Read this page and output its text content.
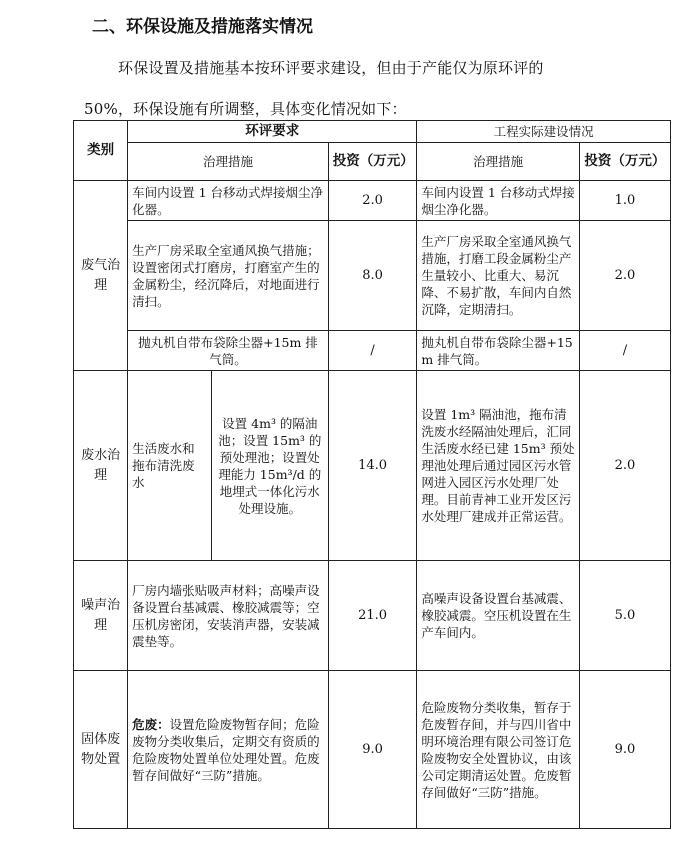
二、环保设施及措施落实情况
环保设置及措施基本按环评要求建设，但由于产能仅为原环评的
50%，环保设施有所调整，具体变化情况如下：
类别	环评要求			工程实际建设情况	
	治理措施		投资（万元）	治理措施	投资（万元）
废气治理	车间内设置 1 台移动式焊接烟尘净化器。		2.0	车间内设置 1 台移动式焊接烟尘净化器。	1.0
	生产厂房采取全室通风换气措施；设置密闭式打磨房，打磨室产生的金属粉尘，经沉降后，对地面进行清扫。		8.0	生产厂房采取全室通风换气措施，打磨工段金属粉尘产生量较小、比重大、易沉降、不易扩散，车间内自然沉降，定期清扫。	2.0
	抛丸机自带布袋除尘器+15m 排气筒。		/	抛丸机自带布袋除尘器+15m 排气筒。	/
废水治理	生活废水和拖布清洗废水	设置 4m³ 的隔油池；设置 15m³ 的预处理池；设置处理能力 15m³/d 的地埋式一体化污水处理设施。	14.0	设置 1m³ 隔油池，拖布清洗废水经隔油处理后，汇同生活废水经已建 15m³ 预处理池处理后通过园区污水管网进入园区污水处理厂处理。目前青神工业开发区污水处理厂建成并正常运营。	2.0
噪声治理	厂房内墙张贴吸声材料；高噪声设备设置台基减震、橡胶减震等；空压机房密闭，安装消声器，安装减震垫等。		21.0	高噪声设备设置台基减震、橡胶减震。空压机设置在生产车间内。	5.0
固体废物处置	危废：设置危险废物暂存间；危险废物分类收集后，定期交有资质的危险废物处置单位处理处置。危废暂存间做好“三防”措施。		9.0	危险废物分类收集，暂存于危废暂存间，并与四川省中明环境治理有限公司签订危险废物安全处置协议，由该公司定期清运处置。危废暂存间做好“三防”措施。	9.0
